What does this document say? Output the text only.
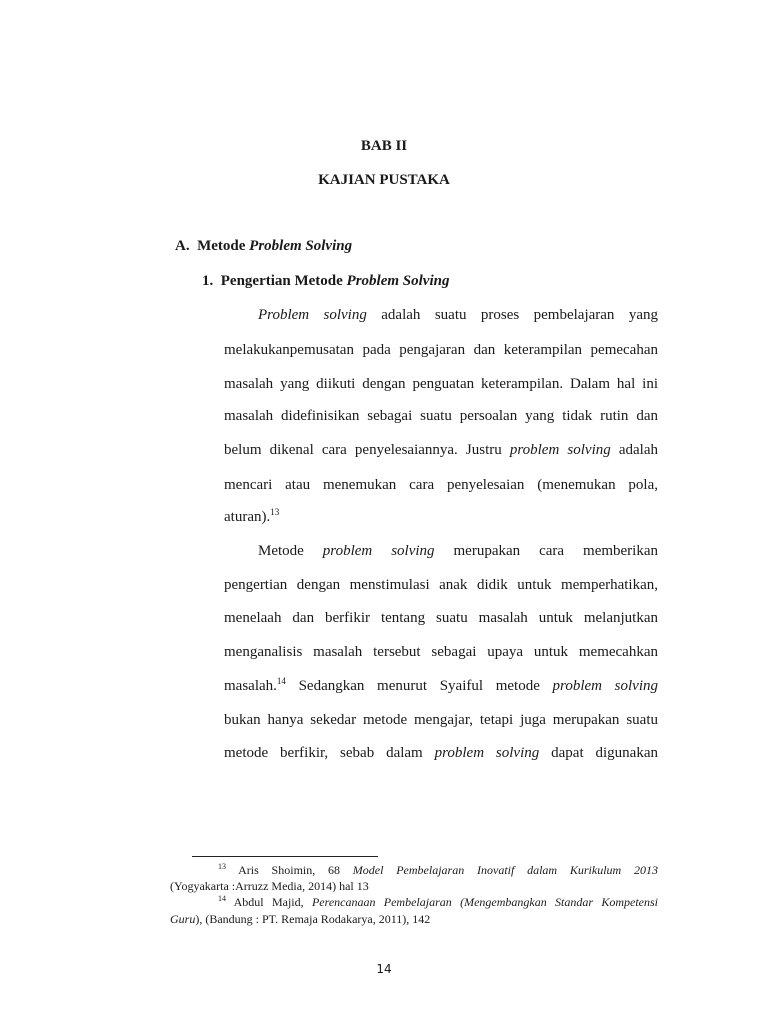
BAB II
KAJIAN PUSTAKA
A. Metode Problem Solving
1. Pengertian Metode Problem Solving
Problem solving adalah suatu proses pembelajaran yang
melakukanpemusatan pada pengajaran dan keterampilan pemecahan
masalah yang diikuti dengan penguatan keterampilan. Dalam hal ini
masalah didefinisikan sebagai suatu persoalan yang tidak rutin dan
belum dikenal cara penyelesaiannya. Justru problem solving adalah
mencari atau menemukan cara penyelesaian (menemukan pola,
aturan).$^{13}$
Metode problem solving merupakan cara memberikan
pengertian dengan menstimulasi anak didik untuk memperhatikan,
menelaah dan berfikir tentang suatu masalah untuk melanjutkan
menganalisis masalah tersebut sebagai upaya untuk memecahkan
masalah.$^{14}$ Sedangkan menurut Syaiful metode problem solving
bukan hanya sekedar metode mengajar, tetapi juga merupakan suatu
metode berfikir, sebab dalam problem solving dapat digunakan
$^{13}$ Aris Shoimin, 68 Model Pembelajaran Inovatif dalam Kurikulum 2013
(Yogyakarta :Arruzz Media, 2014) hal 13
$^{14}$ Abdul Majid, Perencanaan Pembelajaran (Mengembangkan Standar Kompetensi
Guru), (Bandung : PT. Remaja Rodakarya, 2011), 142
14
